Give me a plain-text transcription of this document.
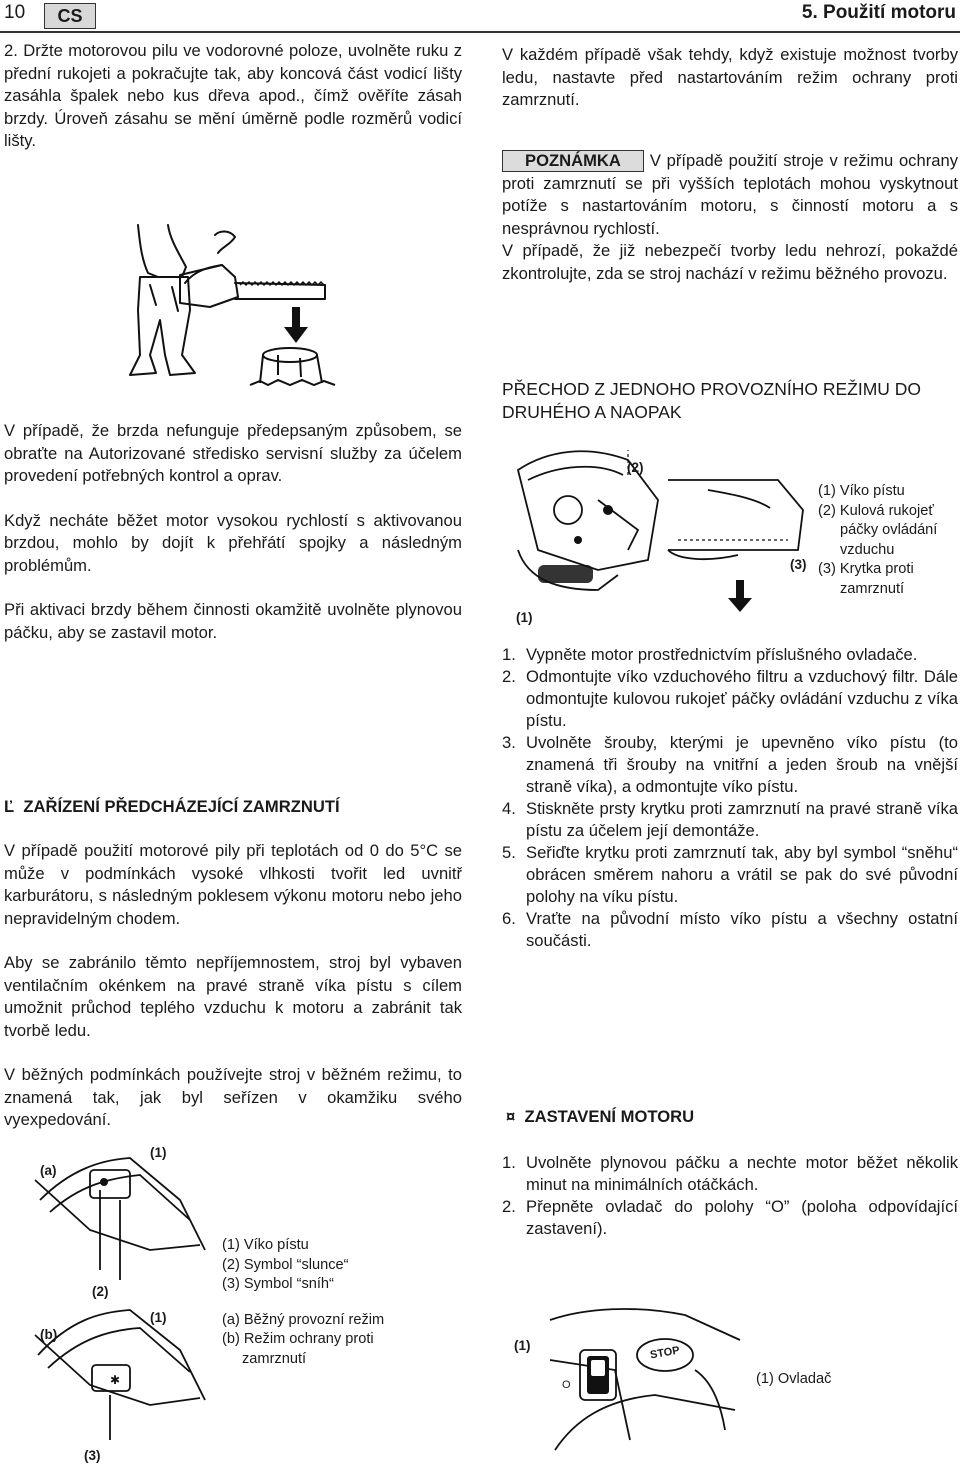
10	CS	5. Použití motoru

2. Držte motorovou pilu ve vodorovné poloze, uvolněte ruku z přední rukojeti a pokračujte tak, aby koncová část vodicí lišty zasáhla špalek nebo kus dřeva apod., čímž ověříte zásah brzdy. Úroveň zásahu se mění úměrně podle rozměrů vodicí lišty.

V případě, že brzda nefunguje předepsaným způsobem, se obraťte na Autorizované středisko servisní služby za účelem provedení potřebných kontrol a oprav.

Když necháte běžet motor vysokou rychlostí s aktivovanou brzdou, mohlo by dojít k přehřátí spojky a následným problémům.

Při aktivaci brzdy během činnosti okamžitě uvolněte plynovou páčku, aby se zastavil motor.

Ľ ZAŘÍZENÍ PŘEDCHÁZEJÍCÍ ZAMRZNUTÍ

V případě použití motorové pily při teplotách od 0 do 5°C se může v podmínkách vysoké vlhkosti tvořit led uvnitř karburátoru, s následným poklesem výkonu motoru nebo jeho nepravidelným chodem.

Aby se zabránilo těmto nepříjemnostem, stroj byl vybaven ventilačním okénkem na pravé straně víka pístu s cílem umožnit průchod teplého vzduchu k motoru a zabránit tak tvorbě ledu.

V běžných podmínkách používejte stroj v běžném režimu, to znamená tak, jak byl seřízen v okamžiku svého vyexpedování.

✱
(a)
(1)
(2)
(1)
(b)
(3)

(1) Víko pístu

(2) Symbol “slunce“

(3) Symbol “sníh“

(a) Běžný provozní režim

(b) Režim ochrany proti

zamrznutí

V každém případě však tehdy, když existuje možnost tvorby ledu, nastavte před nastartováním režim ochrany proti zamrznutí.

POZNÁMKA V případě použití stroje v režimu ochrany proti zamrznutí se při vyšších teplotách mohou vyskytnout potíže s nastartováním motoru, s činností motoru a s nesprávnou rychlostí.

V případě, že již nebezpečí tvorby ledu nehrozí, pokaždé zkontrolujte, zda se stroj nachází v režimu běžného provozu.

PŘECHOD Z JEDNOHO PROVOZNÍHO REŽIMU DO DRUHÉHO A NAOPAK
(2)
(1)
(3)

(1) Víko pístu

(2) Kulová rukojeť

páčky ovládání

vzduchu

(3) Krytka proti

zamrznutí

1. Vypněte motor prostřednictvím příslušného ovladače.
2. Odmontujte víko vzduchového filtru a vzduchový filtr. Dále odmontujte kulovou rukojeť páčky ovládání vzduchu z víka pístu.
3. Uvolněte šrouby, kterými je upevněno víko pístu (to znamená tři šrouby na vnitřní a jeden šroub na vnější straně víka), a odmontujte víko pístu.
4. Stiskněte prsty krytku proti zamrznutí na pravé straně víka pístu za účelem její demontáže.
5. Seřiďte krytku proti zamrznutí tak, aby byl symbol “sněhu“ obrácen směrem nahoru a vrátil se pak do své původní polohy na víku pístu.
6. Vraťte na původní místo víko pístu a všechny ostatní součásti.
¤ ZASTAVENÍ MOTORU
1. Uvolněte plynovou páčku a nechte motor běžet několik minut na minimálních otáčkách.
2. Přepněte ovladač do polohy “O” (poloha odpovídající zastavení).
(1)
O
STOP
(1) Ovladač
